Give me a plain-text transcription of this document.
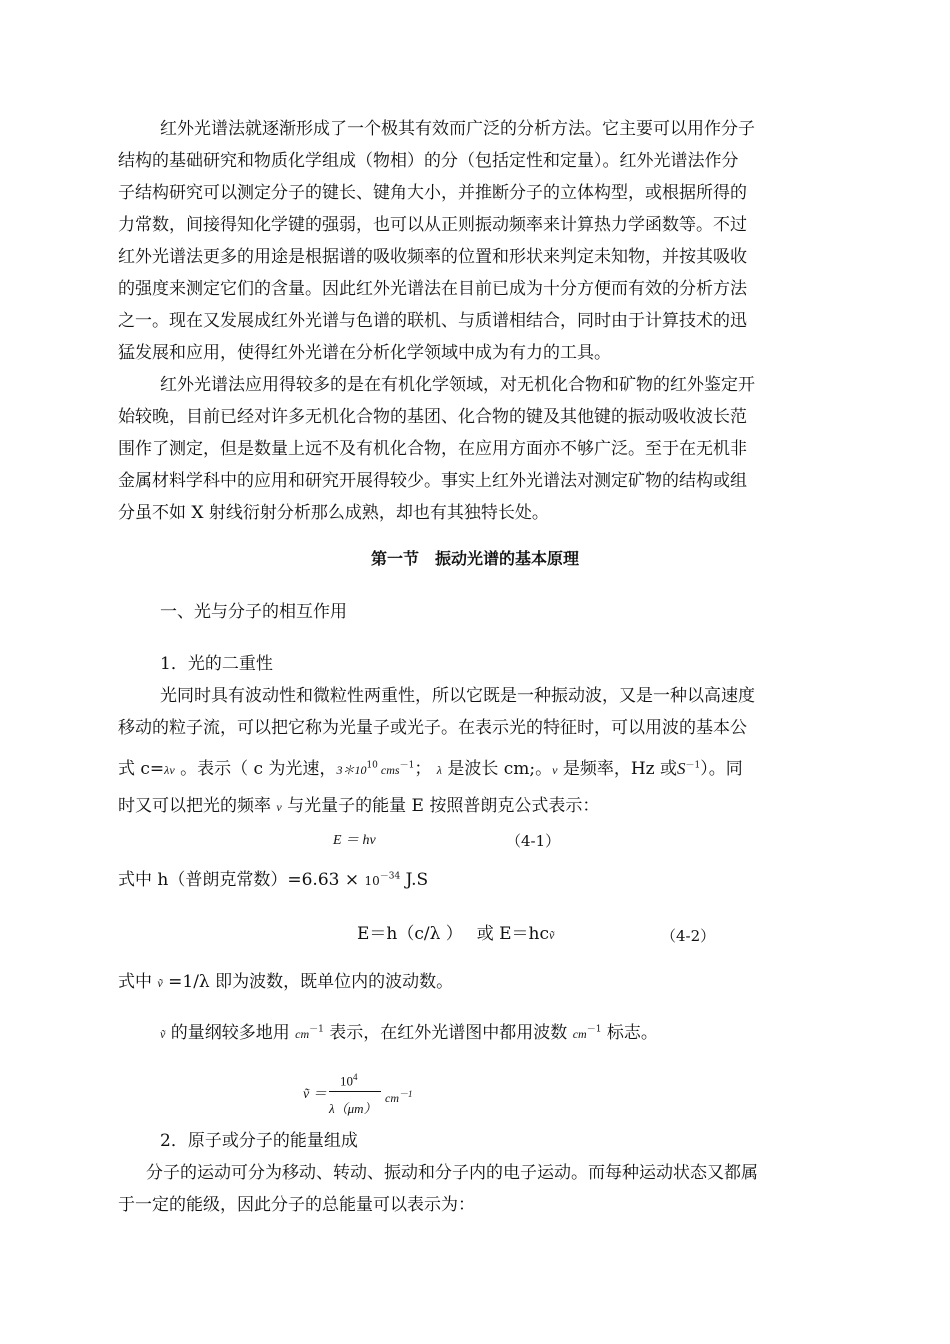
红外光谱法就逐渐形成了一个极其有效而广泛的分析方法。它主要可以用作分子
结构的基础研究和物质化学组成（物相）的分（包括定性和定量）。红外光谱法作分
子结构研究可以测定分子的键长、键角大小，并推断分子的立体构型，或根据所得的
力常数，间接得知化学键的强弱，也可以从正则振动频率来计算热力学函数等。不过
红外光谱法更多的用途是根据谱的吸收频率的位置和形状来判定未知物，并按其吸收
的强度来测定它们的含量。因此红外光谱法在目前已成为十分方便而有效的分析方法
之一。现在又发展成红外光谱与色谱的联机、与质谱相结合，同时由于计算技术的迅
猛发展和应用，使得红外光谱在分析化学领域中成为有力的工具。
红外光谱法应用得较多的是在有机化学领域，对无机化合物和矿物的红外鉴定开
始较晚，目前已经对许多无机化合物的基团、化合物的键及其他键的振动吸收波长范
围作了测定，但是数量上远不及有机化合物，在应用方面亦不够广泛。至于在无机非
金属材料学科中的应用和研究开展得较少。事实上红外光谱法对测定矿物的结构或组
分虽不如 X 射线衍射分析那么成熟，却也有其独特长处。
第一节　振动光谱的基本原理
一、光与分子的相互作用
1．光的二重性
光同时具有波动性和微粒性两重性，所以它既是一种振动波，又是一种以高速度
移动的粒子流，可以把它称为光量子或光子。在表示光的特征时，可以用波的基本公
式 c=λν 。表示（ c 为光速，$3*10^{10}$ cms$^{-1}$； λ 是波长 cm;。ν 是频率，Hz 或$S^{-1}$）。同
时又可以把光的频率 ν 与光量子的能量 E 按照普朗克公式表示：
E ＝ hν	（4-1）
式中 h（普朗克常数）$=6.63 \times 10^{-34}$ J.S
E＝h（c/λ ）　 或 E＝hcṽ	（4-2）
式中 ṽ =1/λ 即为波数，既单位内的波动数。
ṽ 的量纲较多地用 $cm^{-1}$ 表示，在红外光谱图中都用波数 $cm^{-1}$ 标志。
ṽ ＝
$10^4$
λ（μm）
$cm^{-1}$
2．原子或分子的能量组成
分子的运动可分为移动、转动、振动和分子内的电子运动。而每种运动状态又都属
于一定的能级，因此分子的总能量可以表示为：
